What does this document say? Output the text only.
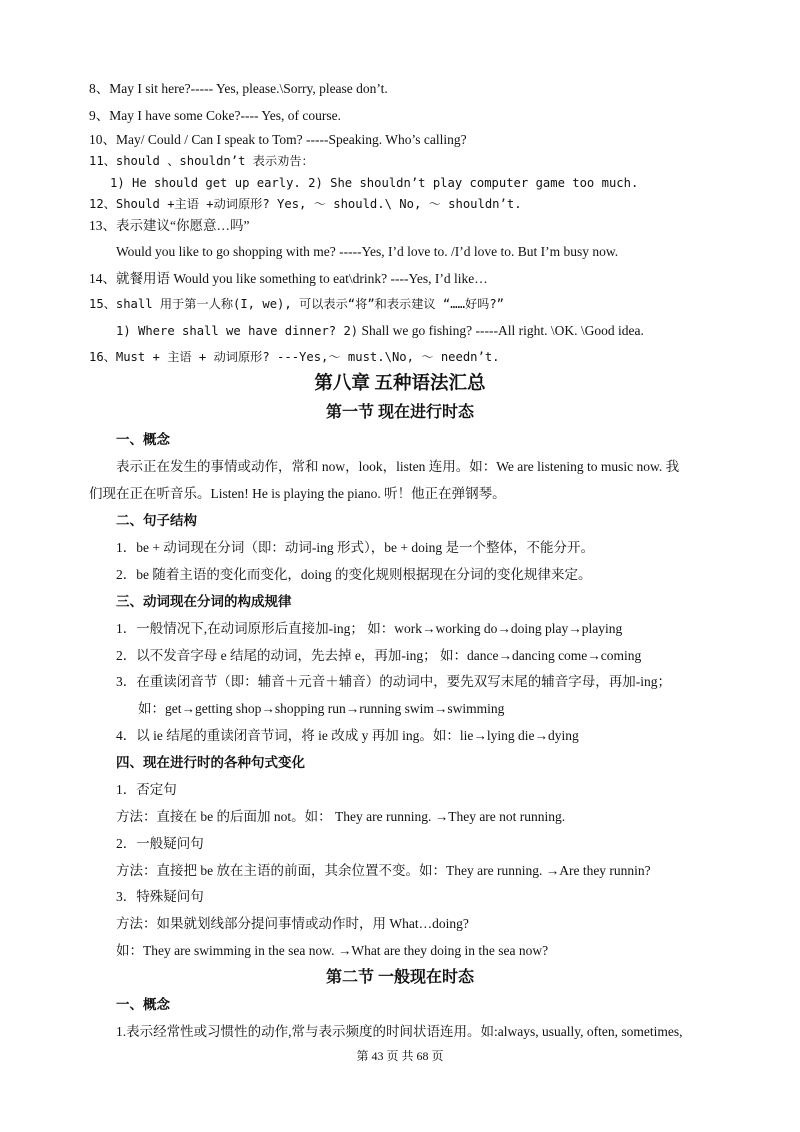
8、May I sit here?----- Yes, please.\Sorry, please don’t.
9、May I have some Coke?---- Yes, of course.
10、May/ Could / Can I speak to Tom? -----Speaking. Who’s calling?
11、should 、shouldn’t 表示劝告：
1) He should get up early. 2) She shouldn’t play computer game too much.
12、Should +主语 +动词原形? Yes, ～ should.\ No, ～ shouldn’t.
13、表示建议“你愿意…吗”
Would you like to go shopping with me? -----Yes, I’d love to. /I’d love to. But I’m busy now.
14、就餐用语 Would you like something to eat\drink? ----Yes, I’d like…
15、shall 用于第一人称(I, we), 可以表示“将”和表示建议 “……好吗?”
1) Where shall we have dinner? 2) Shall we go fishing? -----All right. \OK. \Good idea.
16、Must + 主语 + 动词原形? ---Yes,～ must.\No, ～ needn’t.
第八章 五种语法汇总
第一节 现在进行时态
一、概念
表示正在发生的事情或动作，常和 now，look，listen 连用。如：We are listening to music now. 我
们现在正在听音乐。Listen! He is playing the piano. 听！他正在弹钢琴。
二、句子结构
1．be + 动词现在分词（即：动词-ing 形式），be + doing 是一个整体，不能分开。
2．be 随着主语的变化而变化，doing 的变化规则根据现在分词的变化规律来定。
三、动词现在分词的构成规律
1．一般情况下,在动词原形后直接加-ing； 如：work→working do→doing play→playing
2．以不发音字母 e 结尾的动词，先去掉 e，再加-ing； 如：dance→dancing come→coming
3．在重读闭音节（即：辅音＋元音＋辅音）的动词中，要先双写末尾的辅音字母，再加-ing；
如：get→getting shop→shopping run→running swim→swimming
4．以 ie 结尾的重读闭音节词，将 ie 改成 y 再加 ing。如：lie→lying die→dying
四、现在进行时的各种句式变化
1．否定句
方法：直接在 be 的后面加 not。如： They are running. →They are not running.
2．一般疑问句
方法：直接把 be 放在主语的前面，其余位置不变。如：They are running. →Are they runnin?
3．特殊疑问句
方法：如果就划线部分提问事情或动作时，用 What…doing?
如：They are swimming in the sea now. →What are they doing in the sea now?
第二节 一般现在时态
一、概念
1.表示经常性或习惯性的动作,常与表示频度的时间状语连用。如:always, usually, often, sometimes,
第 43 页 共 68 页
